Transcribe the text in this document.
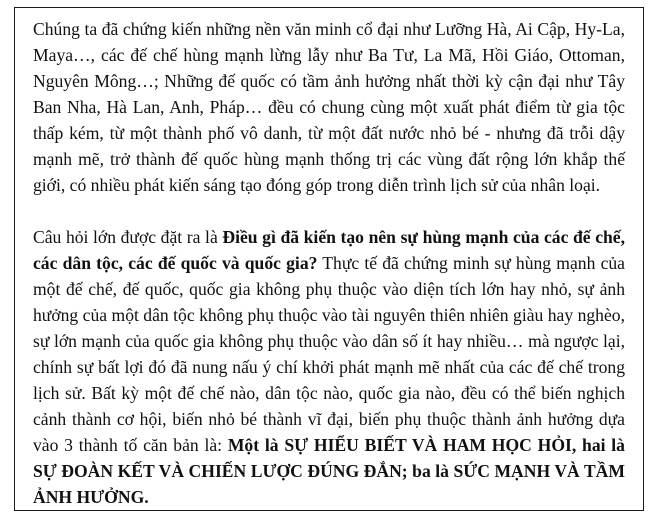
Chúng ta đã chứng kiến những nền văn minh cổ đại như Lưỡng Hà, Ai Cập, Hy-La, Maya…, các đế chế hùng mạnh lừng lẫy như Ba Tư, La Mã, Hồi Giáo, Ottoman, Nguyên Mông…; Những đế quốc có tầm ảnh hưởng nhất thời kỳ cận đại như Tây Ban Nha, Hà Lan, Anh, Pháp… đều có chung cùng một xuất phát điểm từ gia tộc thấp kém, từ một thành phố vô danh, từ một đất nước nhỏ bé - nhưng đã trỗi dậy mạnh mẽ, trở thành đế quốc hùng mạnh thống trị các vùng đất rộng lớn khắp thế giới, có nhiều phát kiến sáng tạo đóng góp trong diễn trình lịch sử của nhân loại.

Câu hỏi lớn được đặt ra là Điều gì đã kiến tạo nên sự hùng mạnh của các đế chế, các dân tộc, các đế quốc và quốc gia? Thực tế đã chứng minh sự hùng mạnh của một đế chế, đế quốc, quốc gia không phụ thuộc vào diện tích lớn hay nhỏ, sự ảnh hưởng của một dân tộc không phụ thuộc vào tài nguyên thiên nhiên giàu hay nghèo, sự lớn mạnh của quốc gia không phụ thuộc vào dân số ít hay nhiều… mà ngược lại, chính sự bất lợi đó đã nung nấu ý chí khởi phát mạnh mẽ nhất của các đế chế trong lịch sử. Bất kỳ một đế chế nào, dân tộc nào, quốc gia nào, đều có thể biến nghịch cảnh thành cơ hội, biến nhỏ bé thành vĩ đại, biến phụ thuộc thành ảnh hưởng dựa vào 3 thành tố căn bản là: Một là SỰ HIỂU BIẾT VÀ HAM HỌC HỎI, hai là SỰ ĐOÀN KẾT VÀ CHIẾN LƯỢC ĐÚNG ĐẮN; ba là SỨC MẠNH VÀ TẦM ẢNH HƯỞNG.
